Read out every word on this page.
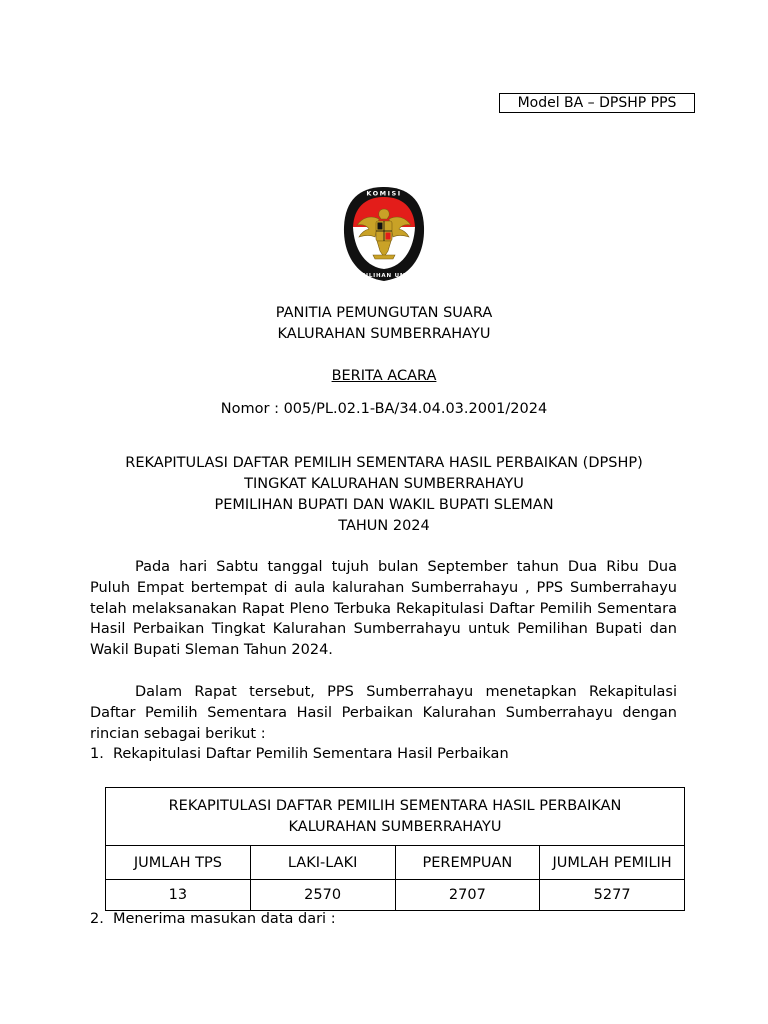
Model BA – DPSHP PPS
KOMISI
PEMILIHAN UMUM
PANITIA PEMUNGUTAN SUARA
KALURAHAN SUMBERRAHAYU
BERITA ACARA
Nomor : 005/PL.02.1-BA/34.04.03.2001/2024
REKAPITULASI DAFTAR PEMILIH SEMENTARA HASIL PERBAIKAN (DPSHP)
TINGKAT KALURAHAN SUMBERRAHAYU
PEMILIHAN BUPATI DAN WAKIL BUPATI SLEMAN
TAHUN 2024
Pada hari Sabtu tanggal tujuh bulan September tahun Dua Ribu Dua Puluh Empat bertempat di aula kalurahan Sumberrahayu , PPS Sumberrahayu telah melaksanakan Rapat Pleno Terbuka Rekapitulasi Daftar Pemilih Sementara Hasil Perbaikan Tingkat Kalurahan Sumberrahayu untuk Pemilihan Bupati dan Wakil Bupati Sleman Tahun 2024.
Dalam Rapat tersebut, PPS Sumberrahayu menetapkan Rekapitulasi Daftar Pemilih Sementara Hasil Perbaikan Kalurahan Sumberrahayu dengan rincian sebagai berikut :
1. Rekapitulasi Daftar Pemilih Sementara Hasil Perbaikan
REKAPITULASI DAFTAR PEMILIH SEMENTARA HASIL PERBAIKAN
KALURAHAN SUMBERRAHAYU			

JUMLAH TPS	LAKI-LAKI	PEREMPUAN	JUMLAH PEMILIH
13	2570	2707	5277
2. Menerima masukan data dari :
